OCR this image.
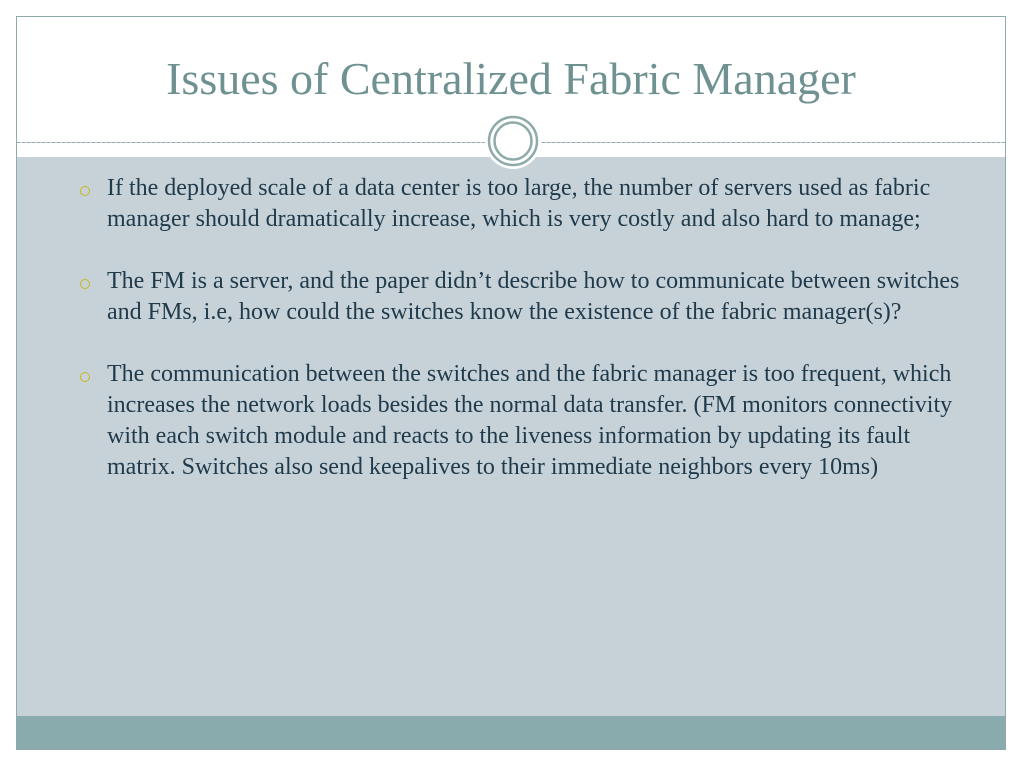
Issues of Centralized Fabric Manager
If the deployed scale of a data center is too large, the number of servers used as fabric manager should dramatically increase, which is very costly and also hard to manage;
The FM is a server, and the paper didn’t describe how to communicate between switches and FMs, i.e, how could the switches know the existence of the fabric manager(s)?
The communication between the switches and the fabric manager is too frequent, which increases the network loads besides the normal data transfer. (FM monitors connectivity with each switch module and reacts to the liveness information by updating its fault matrix. Switches also send keepalives to their immediate neighbors every 10ms)
